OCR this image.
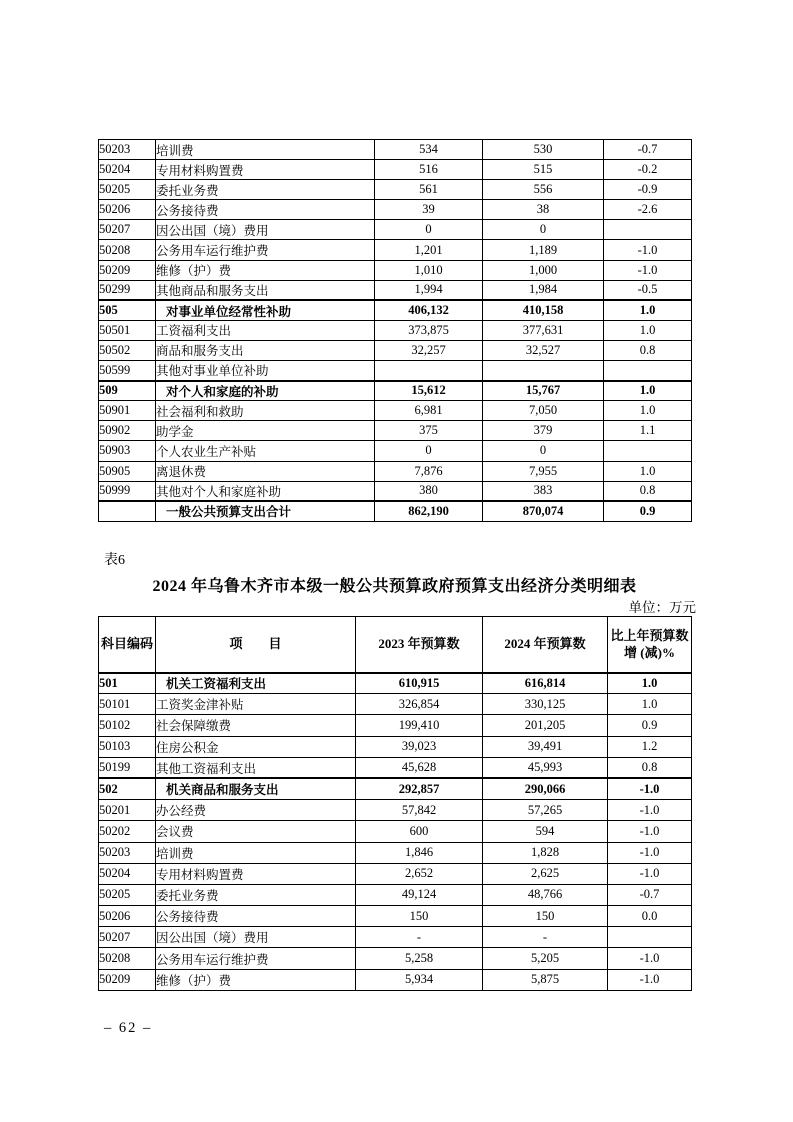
50203	培训费	534	530	-0.7
50204	专用材料购置费	516	515	-0.2
50205	委托业务费	561	556	-0.9
50206	公务接待费	39	38	-2.6
50207	因公出国（境）费用	0	0	
50208	公务用车运行维护费	1,201	1,189	-1.0
50209	维修（护）费	1,010	1,000	-1.0
50299	其他商品和服务支出	1,994	1,984	-0.5
505	对事业单位经常性补助	406,132	410,158	1.0
50501	工资福利支出	373,875	377,631	1.0
50502	商品和服务支出	32,257	32,527	0.8
50599	其他对事业单位补助			
509	对个人和家庭的补助	15,612	15,767	1.0
50901	社会福利和救助	6,981	7,050	1.0
50902	助学金	375	379	1.1
50903	个人农业生产补贴	0	0	
50905	离退休费	7,876	7,955	1.0
50999	其他对个人和家庭补助	380	383	0.8
	一般公共预算支出合计	862,190	870,074	0.9
表6
2024 年乌鲁木齐市本级一般公共预算政府预算支出经济分类明细表
单位：万元
科目编码	项　　目	2023 年预算数	2024 年预算数	比上年预算数
增 (减)%
501	机关工资福利支出	610,915	616,814	1.0
50101	工资奖金津补贴	326,854	330,125	1.0
50102	社会保障缴费	199,410	201,205	0.9
50103	住房公积金	39,023	39,491	1.2
50199	其他工资福利支出	45,628	45,993	0.8
502	机关商品和服务支出	292,857	290,066	-1.0
50201	办公经费	57,842	57,265	-1.0
50202	会议费	600	594	-1.0
50203	培训费	1,846	1,828	-1.0
50204	专用材料购置费	2,652	2,625	-1.0
50205	委托业务费	49,124	48,766	-0.7
50206	公务接待费	150	150	0.0
50207	因公出国（境）费用	-	-	
50208	公务用车运行维护费	5,258	5,205	-1.0
50209	维修（护）费	5,934	5,875	-1.0
– 62 –
